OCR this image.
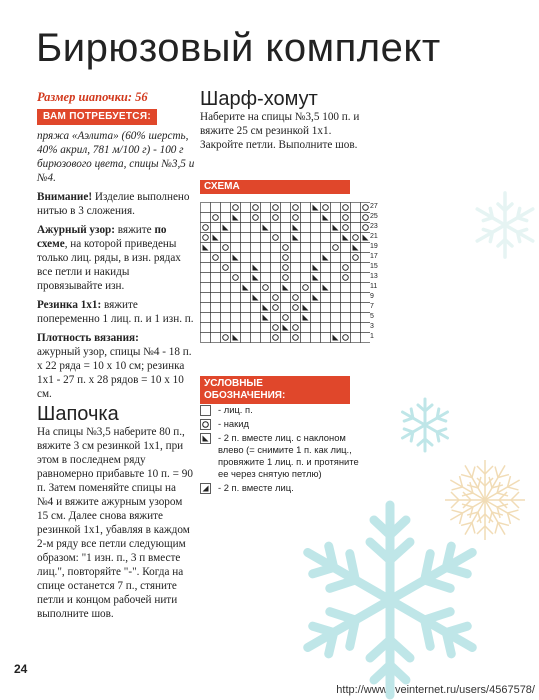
Бирюзовый комплект

Размер шапочки: 56

ВАМ ПОТРЕБУЕТСЯ:

пряжа «Аэлита» (60% шерсть, 40% акрил, 781 м/100 г) - 100 г бирюзового цвета, спицы №3,5 и №4.

Внимание! Изделие выполнено нитью в 3 сложения.

Ажурный узор: вяжите по схеме, на которой приведены только лиц. ряды, в изн. рядах все петли и накиды провязывайте изн.

Резинка 1х1: вяжите попеременно 1 лиц. п. и 1 изн. п.

Плотность вязания:
ажурный узор, спицы №4 - 18 п. х 22 ряда = 10 х 10 см; резинка 1х1 - 27 п. х 28 рядов = 10 х 10 см.

Шапочка

На спицы №3,5 наберите 80 п., вяжите 3 см резинкой 1х1, при этом в последнем ряду равномерно прибавьте 10 п. = 90 п. Затем поменяйте спицы на №4 и вяжите ажурным узором 15 см. Далее снова вяжите резинкой 1х1, убавляя в каждом 2-м ряду все петли следующим образом: "1 изн. п., 3 п вместе лиц.", повторяйте "-". Когда на спице останется 7 п., стяните петли и концом рабочей нити выполните шов.

Шарф-хомут

Наберите на спицы №3,5 100 п. и вяжите 25 см резинкой 1х1. Закройте петли. Выполните шов.

СХЕМА
27
25
23
21
19
17
15
13
11
9
7
5
3
1
УСЛОВНЫЕ ОБОЗНАЧЕНИЯ:
- лиц. п.
- накид
- 2 п. вместе лиц. с наклоном влево (= снимите 1 п. как лиц., провяжите 1 лиц. п. и протяните ее через снятую петлю)
- 2 п. вместе лиц.
24
http://www.liveinternet.ru/users/4567578/
